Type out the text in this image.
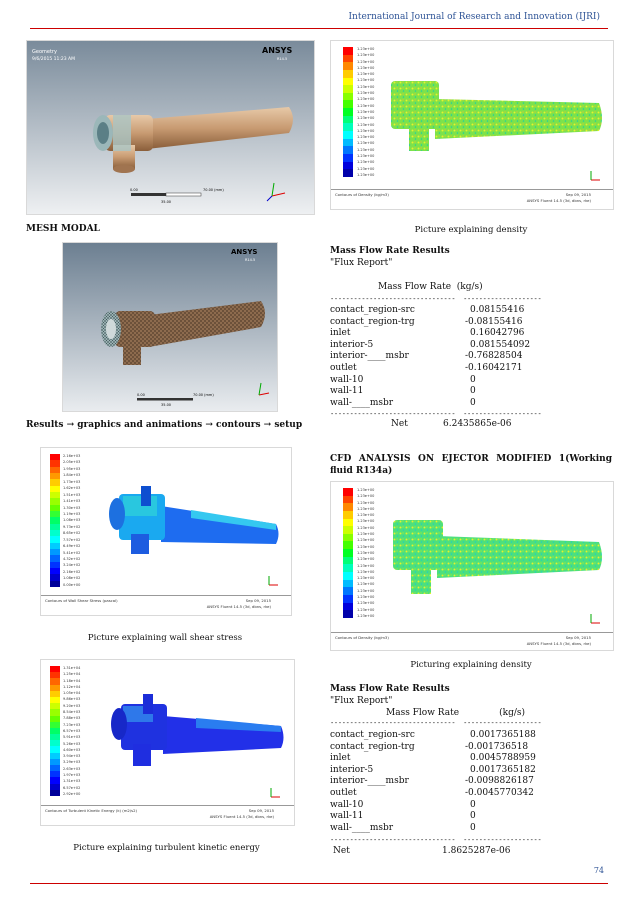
International Journal of Research and Innovation (IJRI)
Geometry
9/6/2015 11:23 AM
ANSYS
R14.5
0.00	70.00 (mm)
35.00
MESH MODAL
ANSYS
R14.5
0.00	70.00 (mm)
35.00
Results → graphics and animations → contours → setup
2.16e+03
2.05e+03
1.95e+03
1.84e+03
1.73e+03
1.62e+03
1.51e+03
1.41e+03
1.30e+03
1.19e+03
1.08e+03
9.73e+02
8.65e+02
7.57e+02
6.49e+02
5.41e+02
4.32e+02
3.24e+02
2.16e+02
1.08e+02
0.00e+00
Contours of Wall Shear Stress (pascal)	Sep 09, 2015
ANSYS Fluent 14.5 (3d, dbns, rke)
Picture explaining wall shear stress
1.31e+04
1.25e+04
1.18e+04
1.12e+04
1.05e+04
9.86e+03
9.20e+03
8.54e+03
7.88e+03
7.23e+03
6.57e+03
5.91e+03
5.26e+03
4.60e+03
3.94e+03
3.29e+03
2.63e+03
1.97e+03
1.31e+03
6.57e+02
2.92e+00
Contours of Turbulent Kinetic Energy (k) (m2/s2)	Sep 09, 2015
ANSYS Fluent 14.5 (3d, dbns, rke)
Picture explaining turbulent kinetic energy
1.23e+00
1.23e+00
1.23e+00
1.23e+00
1.23e+00
1.23e+00
1.23e+00
1.23e+00
1.23e+00
1.23e+00
1.23e+00
1.23e+00
1.23e+00
1.23e+00
1.23e+00
1.23e+00
1.23e+00
1.23e+00
1.23e+00
1.23e+00
1.23e+00
Contours of Density (kg/m3)	Sep 09, 2015
ANSYS Fluent 14.5 (3d, dbns, rke)
Picture explaining density
Mass Flow Rate Results
"Flux Report"
Mass Flow Rate  (kg/s)
--------------------------------  --------------------
contact_region-src	0.08155416
contact_region-trg	-0.08155416
inlet	0.16042796
interior-5	0.081554092
interior-____msbr	-0.76828504
outlet	-0.16042171
wall-10	0
wall-11	0
wall-____msbr	0
--------------------------------  --------------------
Net	6.2435865e-06
CFD ANALYSIS ON EJECTOR MODIFIED 1(Working fluid R134a)
1.23e+00
1.23e+00
1.23e+00
1.23e+00
1.23e+00
1.23e+00
1.23e+00
1.23e+00
1.23e+00
1.23e+00
1.23e+00
1.23e+00
1.23e+00
1.23e+00
1.23e+00
1.23e+00
1.23e+00
1.23e+00
1.23e+00
1.23e+00
1.23e+00
Contours of Density (kg/m3)	Sep 09, 2015
ANSYS Fluent 14.5 (3d, dbns, rke)
Picturing explaining density
Mass Flow Rate Results
"Flux Report"
Mass Flow Rate              (kg/s)
--------------------------------  --------------------
contact_region-src	0.0017365188
contact_region-trg	-0.001736518
inlet	0.0045788959
interior-5	0.0017365182
interior-____msbr	-0.0098826187
outlet	-0.0045770342
wall-10	0
wall-11	0
wall-____msbr	0
--------------------------------  --------------------
Net	1.8625287e-06
74
